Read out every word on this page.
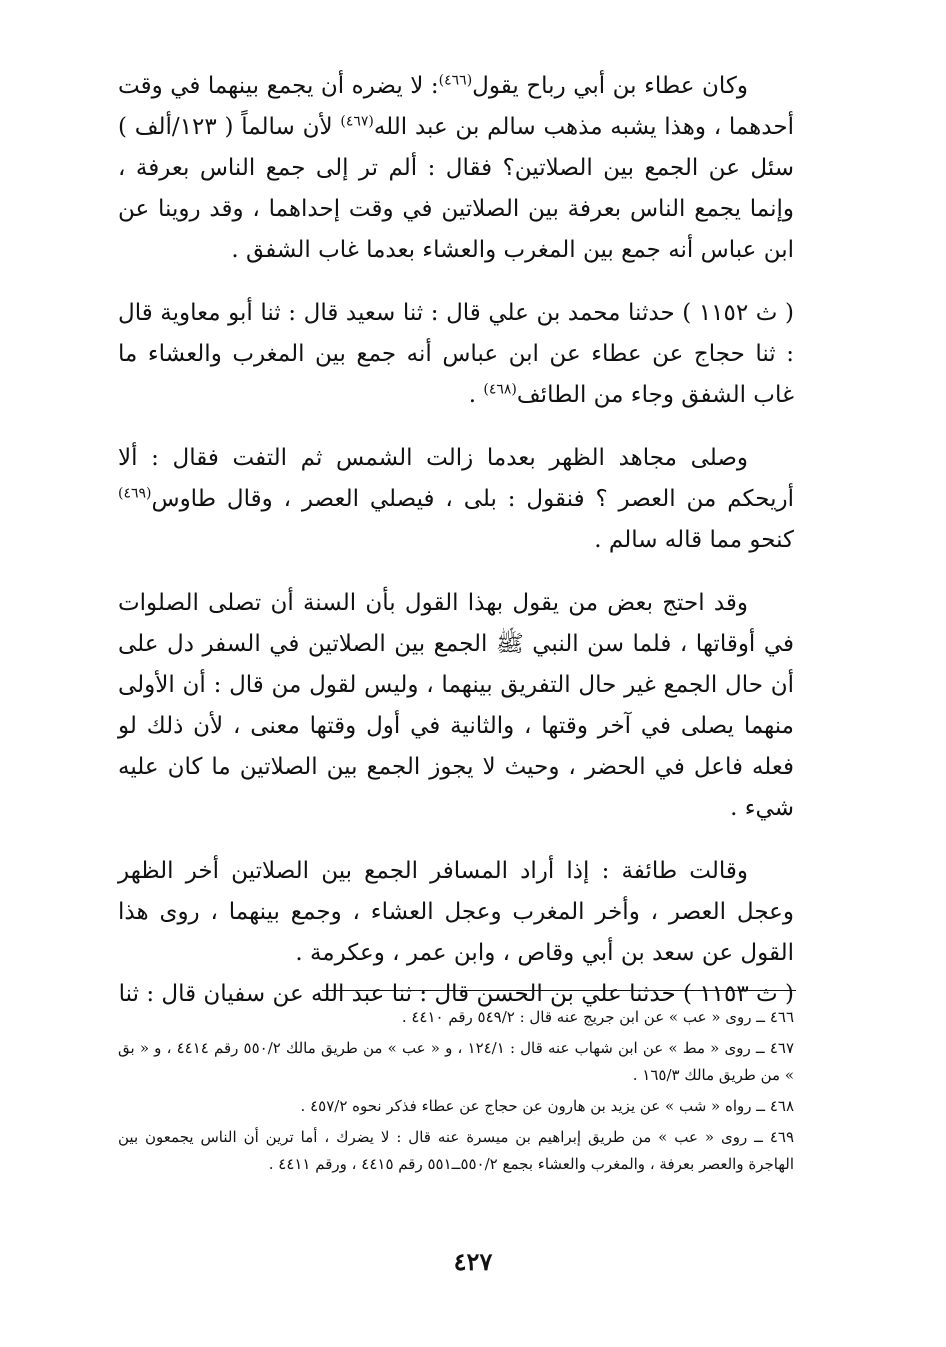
وكان عطاء بن أبي رباح يقول$^{(٤٦٦)}$: لا يضره أن يجمع بينهما في وقت أحدهما ، وهذا يشبه مذهب سالم بن عبد الله$^{(٤٦٧)}$ لأن سالماً ( ١٢٣/ألف ) سئل عن الجمع بين الصلاتين؟ فقال : ألم تر إلى جمع الناس بعرفة ، وإنما يجمع الناس بعرفة بين الصلاتين في وقت إحداهما ، وقد روينا عن ابن عباس أنه جمع بين المغرب والعشاء بعدما غاب الشفق .

( ث ١١٥٢ ) حدثنا محمد بن علي قال : ثنا سعيد قال : ثنا أبو معاوية قال : ثنا حجاج عن عطاء عن ابن عباس أنه جمع بين المغرب والعشاء ما غاب الشفق وجاء من الطائف$^{(٤٦٨)}$ .

وصلى مجاهد الظهر بعدما زالت الشمس ثم التفت فقال : ألا أريحكم من العصر ؟ فنقول : بلى ، فيصلي العصر ، وقال طاوس$^{(٤٦٩)}$ كنحو مما قاله سالم .

وقد احتج بعض من يقول بهذا القول بأن السنة أن تصلى الصلوات في أوقاتها ، فلما سن النبي ﷺ الجمع بين الصلاتين في السفر دل على أن حال الجمع غير حال التفريق بينهما ، وليس لقول من قال : أن الأولى منهما يصلى في آخر وقتها ، والثانية في أول وقتها معنى ، لأن ذلك لو فعله فاعل في الحضر ، وحيث لا يجوز الجمع بين الصلاتين ما كان عليه شيء .

وقالت طائفة : إذا أراد المسافر الجمع بين الصلاتين أخر الظهر وعجل العصر ، وأخر المغرب وعجل العشاء ، وجمع بينهما ، روى هذا القول عن سعد بن أبي وقاص ، وابن عمر ، وعكرمة .

( ث ١١٥٣ ) حدثنا علي بن الحسن قال : ثنا عبد الله عن سفيان قال : ثنا

٤٦٦ ــ روى « عب » عن ابن جريج عنه قال : ٥٤٩/٢ رقم ٤٤١٠ .

٤٦٧ ــ روى « مط » عن ابن شهاب عنه قال : ١٢٤/١ ، و « عب » من طريق مالك ٥٥٠/٢ رقم ٤٤١٤ ، و « بق » من طريق مالك ١٦٥/٣ .

٤٦٨ ــ رواه « شب » عن يزيد بن هارون عن حجاج عن عطاء فذكر نحوه ٤٥٧/٢ .

٤٦٩ ــ روى « عب » من طريق إبراهيم بن ميسرة عنه قال : لا يضرك ، أما ترين أن الناس يجمعون بين الهاجرة والعصر بعرفة ، والمغرب والعشاء بجمع ٥٥٠/٢ــ٥٥١ رقم ٤٤١٥ ، ورقم ٤٤١١ .

٤٢٧
